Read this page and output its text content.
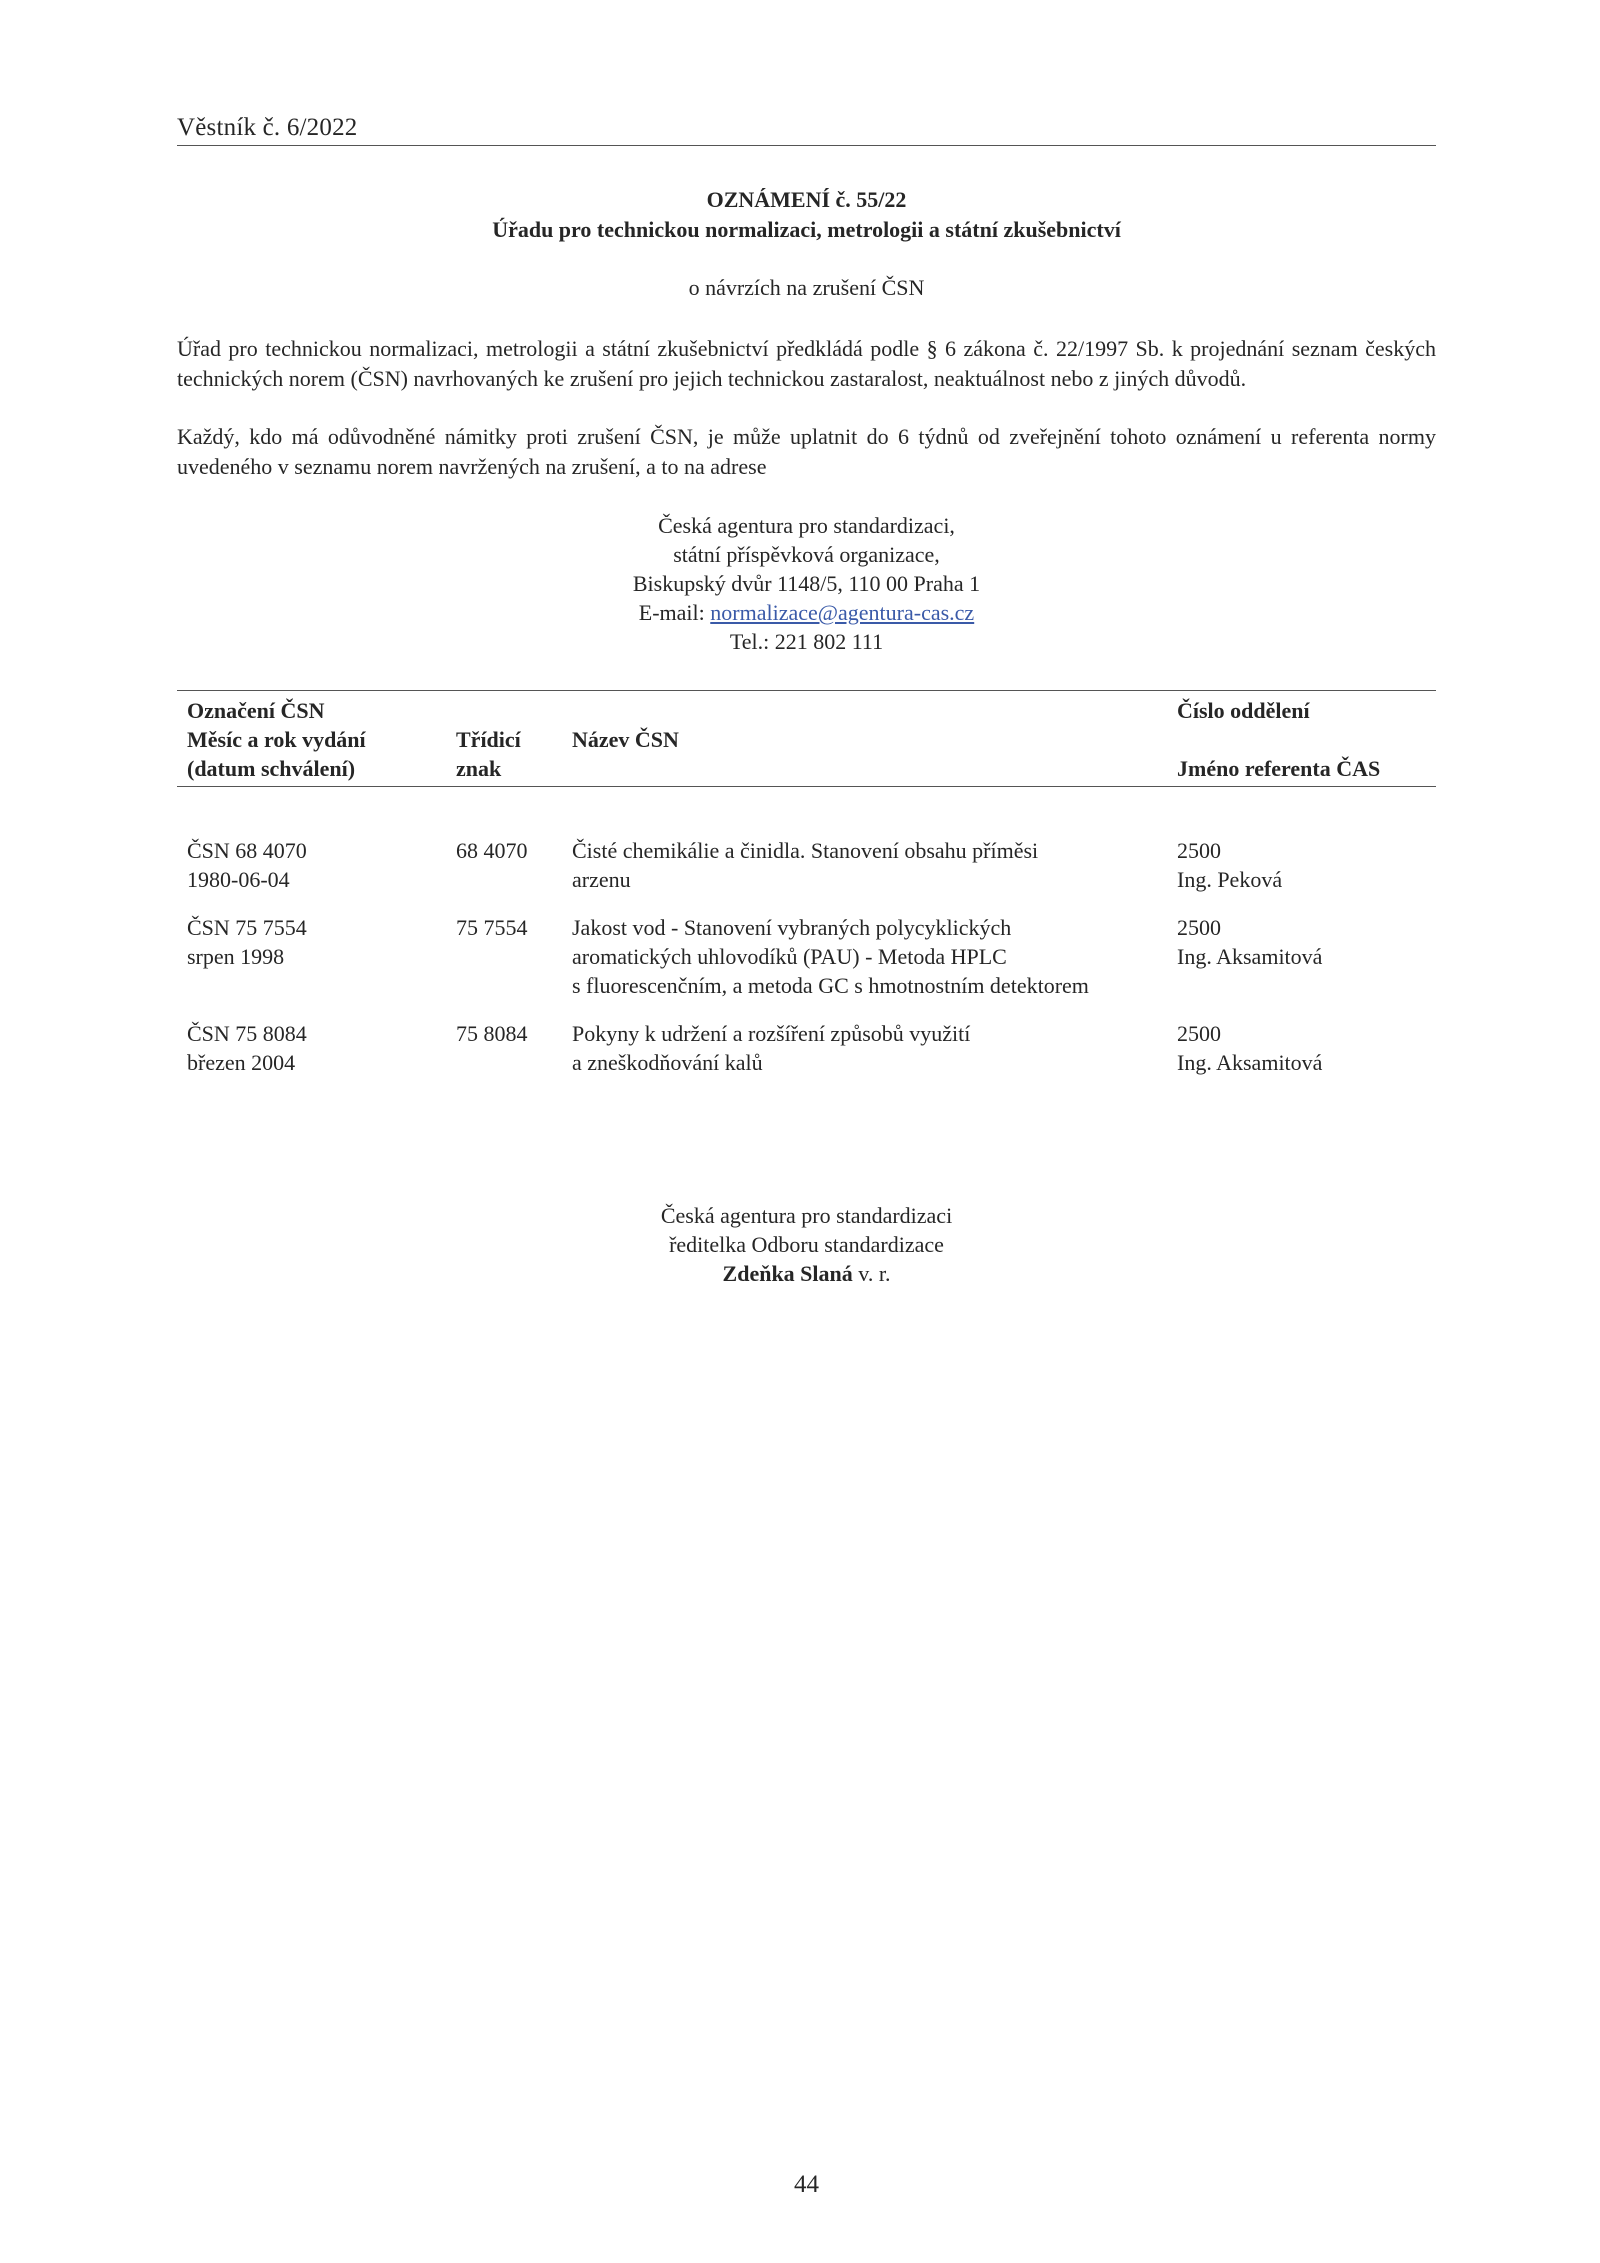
Věstník č. 6/2022
OZNÁMENÍ č. 55/22
Úřadu pro technickou normalizaci, metrologii a státní zkušebnictví
o návrzích na zrušení ČSN
Úřad pro technickou normalizaci, metrologii a státní zkušebnictví předkládá podle § 6 zákona č. 22/1997 Sb. k projednání seznam českých technických norem (ČSN) navrhovaných ke zrušení pro jejich technickou zastaralost, neaktuálnost nebo z jiných důvodů.
Každý, kdo má odůvodněné námitky proti zrušení ČSN, je může uplatnit do 6 týdnů od zveřejnění tohoto oznámení u referenta normy uvedeného v seznamu norem navržených na zrušení, a to na adrese
Česká agentura pro standardizaci,
státní příspěvková organizace,
Biskupský dvůr 1148/5, 110 00 Praha 1
E-mail: normalizace@agentura-cas.cz
Tel.: 221 802 111
Označení ČSN
Měsíc a rok vydání
(datum schválení)
Třídicí
znak
Název ČSN
Číslo oddělení
Jméno referenta ČAS
ČSN 68 4070
1980-06-04
68 4070 Čisté chemikálie a činidla. Stanovení obsahu příměsi
arzenu
2500
Ing. Peková
ČSN 75 7554
srpen 1998
75 7554 Jakost vod - Stanovení vybraných polycyklických
aromatických uhlovodíků (PAU) - Metoda HPLC
s fluorescenčním, a metoda GC s hmotnostním detektorem
2500
Ing. Aksamitová
ČSN 75 8084
březen 2004
75 8084 Pokyny k udržení a rozšíření způsobů využití
a zneškodňování kalů
2500
Ing. Aksamitová
Česká agentura pro standardizaci
ředitelka Odboru standardizace
Zdeňka Slaná v. r.
44
